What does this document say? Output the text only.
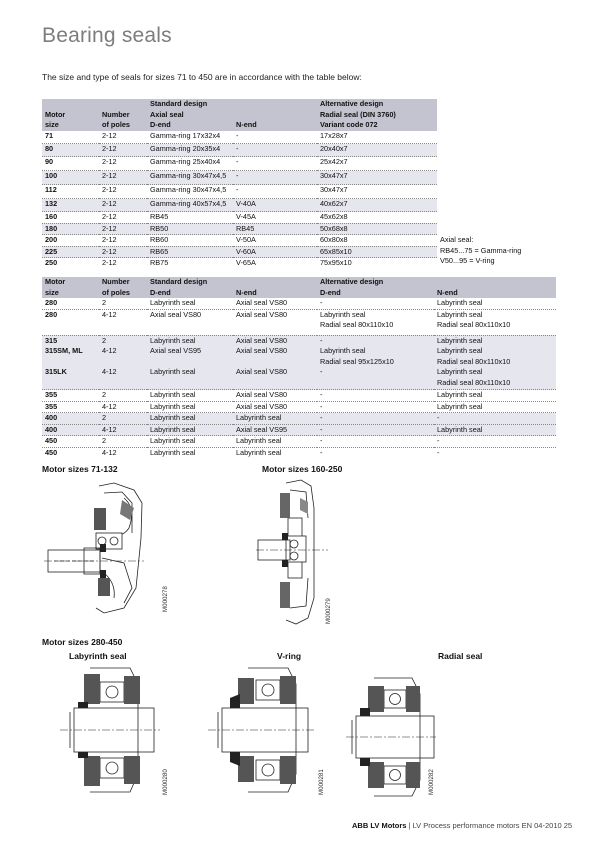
Bearing seals
The size and type of seals for sizes 71 to 450 are in accordance with the table below:
		Standard design		Alternative design
Motor	Number	Axial seal		Radial seal (DIN 3760)
size	of poles	D-end	N-end	Variant code 072
71	2-12	Gamma-ring 17x32x4	-	17x28x7
80	2-12	Gamma-ring 20x35x4	-	20x40x7
90	2-12	Gamma-ring 25x40x4	-	25x42x7
100	2-12	Gamma-ring 30x47x4,5	-	30x47x7
112	2-12	Gamma-ring 30x47x4,5	-	30x47x7
132	2-12	Gamma-ring 40x57x4,5	V-40A	40x62x7
160	2-12	RB45	V-45A	45x62x8
180	2-12	RB50	RB45	50x68x8
200	2-12	RB60	V-50A	60x80x8
225	2-12	RB65	V-60A	65x85x10
250	2-12	RB75	V-65A	75x95x10
Axial seal:
RB45...75 = Gamma-ring
V50...95 = V-ring
Motor	Number	Standard design		Alternative design	
size	of poles	D-end	N-end	D-end	N-end
280	2	Labyrinth seal	Axial seal VS80	-	Labyrinth seal
280	4-12	Axial seal VS80	Axial seal VS80	Labyrinth seal	Labyrinth seal
				Radial seal 80x110x10	Radial seal 80x110x10
315	2	Labyrinth seal	Axial seal VS80	-	Labyrinth seal
315SM, ML	4-12	Axial seal VS95	Axial seal VS80	Labyrinth seal	Labyrinth seal
				Radial seal 95x125x10	Radial seal 80x110x10
315LK	4-12	Labyrinth seal	Axial seal VS80	-	Labyrinth seal
					Radial seal 80x110x10
355	2	Labyrinth seal	Axial seal VS80	-	Labyrinth seal
355	4-12	Labyrinth seal	Axial seal VS80	-	Labyrinth seal
400	2	Labyrinth seal	Labyrinth seal	-	-
400	4-12	Labyrinth seal	Axial seal VS95	-	Labyrinth seal
450	2	Labyrinth seal	Labyrinth seal	-	-
450	4-12	Labyrinth seal	Labyrinth seal	-	-
Motor sizes 71-132	Motor sizes 160-250
Motor sizes 280-450
Labyrinth seal	V-ring	Radial seal
M000278	M000279
M000280	M000281	M000282
ABB LV Motors | LV Process performance motors EN 04-2010 25
